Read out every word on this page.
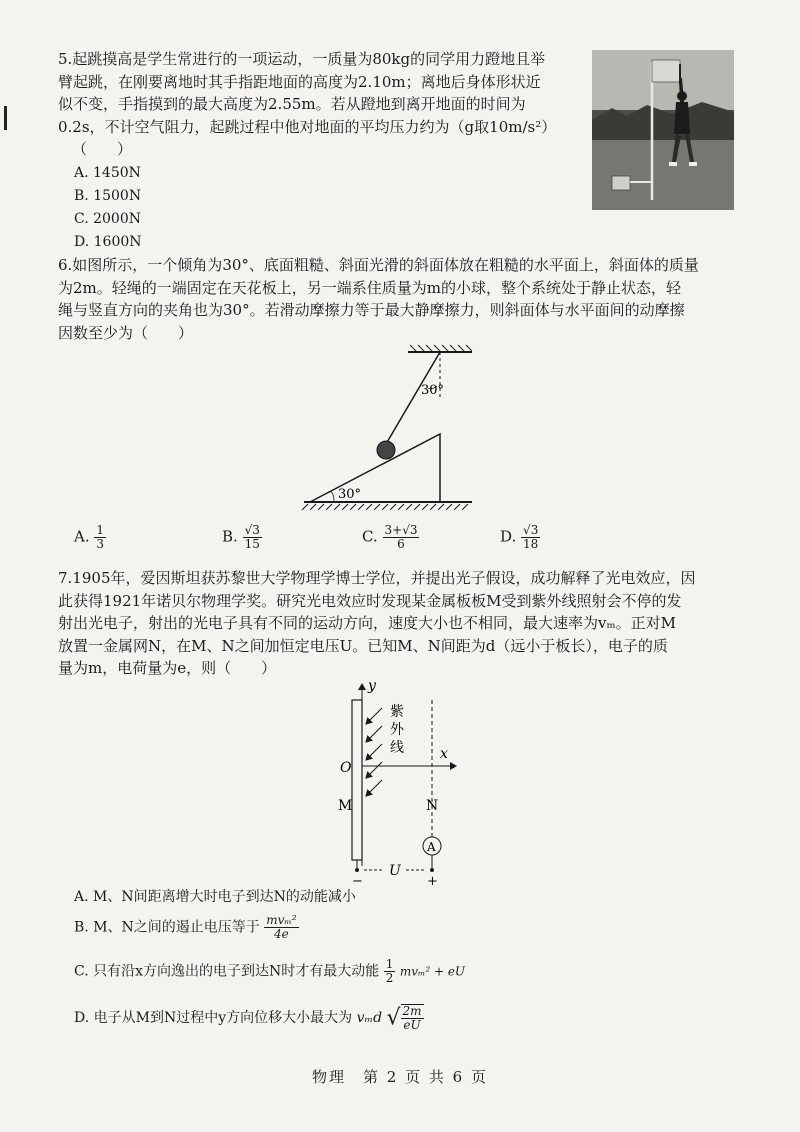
5.起跳摸高是学生常进行的一项运动，一质量为80kg的同学用力蹬地且举
臂起跳，在刚要离地时其手指距地面的高度为2.10m；离地后身体形状近
似不变，手指摸到的最大高度为2.55m。若从蹬地到离开地面的时间为
0.2s，不计空气阻力，起跳过程中他对地面的平均压力约为（g取10m/s²）
（　　）
A. 1450N
B. 1500N
C. 2000N
D. 1600N
6.如图所示，一个倾角为30°、底面粗糙、斜面光滑的斜面体放在粗糙的水平面上，斜面体的质量
为2m。轻绳的一端固定在天花板上，另一端系住质量为m的小球，整个系统处于静止状态，轻
绳与竖直方向的夹角也为30°。若滑动摩擦力等于最大静摩擦力，则斜面体与水平面间的动摩擦
因数至少为（　　）
30°
30°
A. $\frac{1}{3}$	B. $\frac{√3}{15}$	C. $\frac{3+√3}{6}$	D. $\frac{√3}{18}$
7.1905年，爱因斯坦获苏黎世大学物理学博士学位，并提出光子假设，成功解释了光电效应，因
此获得1921年诺贝尔物理学奖。研究光电效应时发现某金属板板M受到紫外线照射会不停的发
射出光电子，射出的光电子具有不同的运动方向，速度大小也不相同，最大速率为vₘ。正对M
放置一金属网N，在M、N之间加恒定电压U。已知M、N间距为d（远小于板长），电子的质
量为m，电荷量为e，则（　　）
y
x
O
M
紫
外
线
N
A
U
−	+
A. M、N间距离增大时电子到达N的动能减小
B. M、N之间的遏止电压等于 $\frac{\text{mvₘ²}}{4e}$
C. 只有沿x方向逸出的电子到达N时才有最大动能 $\frac{1}{2} mv_m^2$ + eU
D. 电子从M到N过程中y方向位移大小最大为 vₘd √ $\frac{2m}{eU}$
物理　第 2 页 共 6 页
